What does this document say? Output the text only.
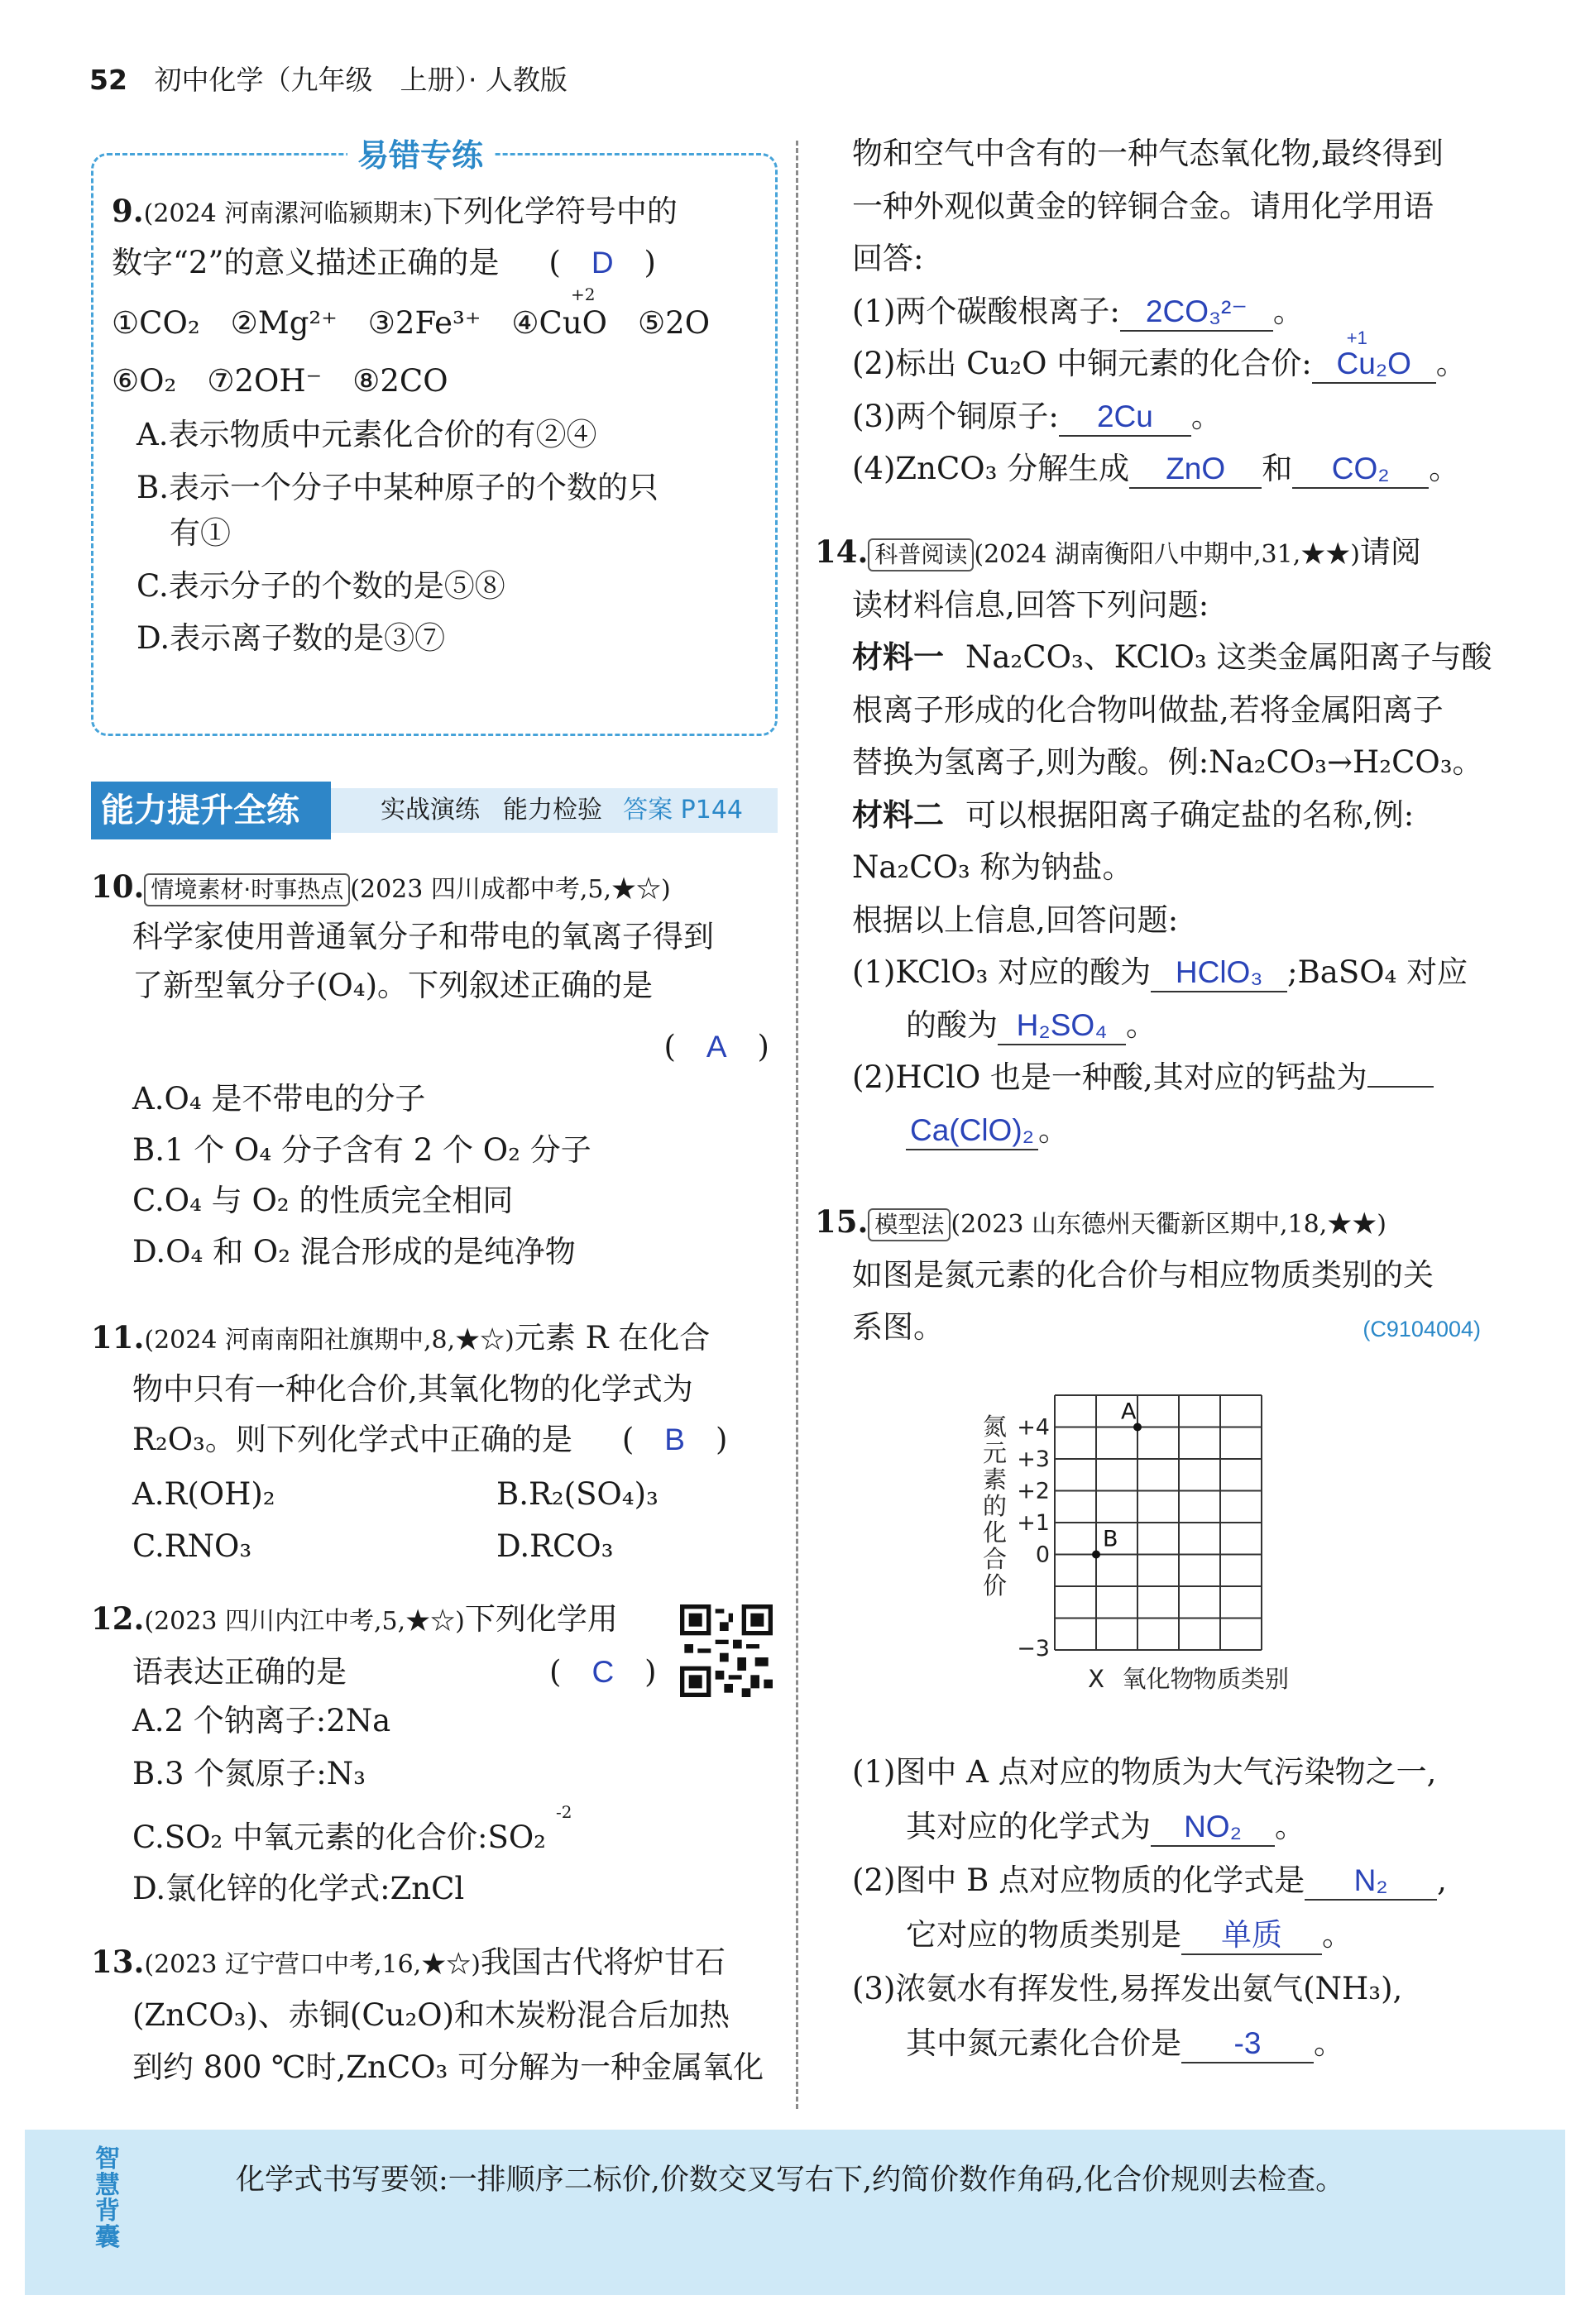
52 初中化学（九年级　上册）· 人教版
易错专练
9.(2024 河南漯河临颍期末)下列化学符号中的
数字“2”的意义描述正确的是 (　D　)
①CO₂　②Mg²⁺　③2Fe³⁺　④CuO　⑤2O
+2
⑥O₂　⑦2OH⁻　⑧2CO
A.表示物质中元素化合价的有②④
B.表示一个分子中某种原子的个数的只
有①
C.表示分子的个数的是⑤⑧
D.表示离子数的是③⑦
能力提升全练	实战演练 能力检验 答案 P144
10. 情境素材·时事热点 (2023 四川成都中考,5,★☆)
科学家使用普通氧分子和带电的氧离子得到
了新型氧分子(O₄)。下列叙述正确的是
(　A　)
A.O₄ 是不带电的分子
B.1 个 O₄ 分子含有 2 个 O₂ 分子
C.O₄ 与 O₂ 的性质完全相同
D.O₄ 和 O₂ 混合形成的是纯净物
11.(2024 河南南阳社旗期中,8,★☆)元素 R 在化合
物中只有一种化合价,其氧化物的化学式为
R₂O₃。则下列化学式中正确的是 (　B　)
A.R(OH)₂	B.R₂(SO₄)₃
C.RNO₃	D.RCO₃
12.(2023 四川内江中考,5,★☆)下列化学用
语表达正确的是	(　C　)
A.2 个钠离子:2Na
B.3 个氮原子:N₃
C.SO₂ 中氧元素的化合价:SO₂
-2
D.氯化锌的化学式:ZnCl
13.(2023 辽宁营口中考,16,★☆)我国古代将炉甘石
(ZnCO₃)、赤铜(Cu₂O)和木炭粉混合后加热
到约 800 ℃时,ZnCO₃ 可分解为一种金属氧化
物和空气中含有的一种气态氧化物,最终得到
一种外观似黄金的锌铜合金。请用化学用语
回答:
(1)两个碳酸根离子: 2CO₃²⁻ 。
(2)标出 Cu₂O 中铜元素的化合价:
+1
Cu₂O 。
(3)两个铜原子: 2Cu 。
(4)ZnCO₃ 分解生成 ZnO 和 CO₂ 。
14. 科普阅读 (2024 湖南衡阳八中期中,31,★★)请阅
读材料信息,回答下列问题:
材料一 Na₂CO₃、KClO₃ 这类金属阳离子与酸
根离子形成的化合物叫做盐,若将金属阳离子
替换为氢离子,则为酸。例:Na₂CO₃→H₂CO₃。
材料二 可以根据阳离子确定盐的名称,例:
Na₂CO₃ 称为钠盐。
根据以上信息,回答问题:
(1)KClO₃ 对应的酸为 HClO₃ ;BaSO₄ 对应
的酸为 H₂SO₄ 。
(2)HClO 也是一种酸,其对应的钙盐为
Ca(ClO)₂ 。
15. 模型法 (2023 山东德州天衢新区期中,18,★★)
如图是氮元素的化合价与相应物质类别的关
系图。	(C9104004)
+4
+3
+2
+1
0
−3
氮
元
素
的
化
合
价
X 氧化物
物质类别
A
B
(1)图中 A 点对应的物质为大气污染物之一,
其对应的化学式为 NO₂ 。
(2)图中 B 点对应物质的化学式是 N₂ ,
它对应的物质类别是 单质 。
(3)浓氨水有挥发性,易挥发出氨气(NH₃),
其中氮元素化合价是 -3 。
智慧背囊
化学式书写要领:一排顺序二标价,价数交叉写右下,约简价数作角码,化合价规则去检查。
